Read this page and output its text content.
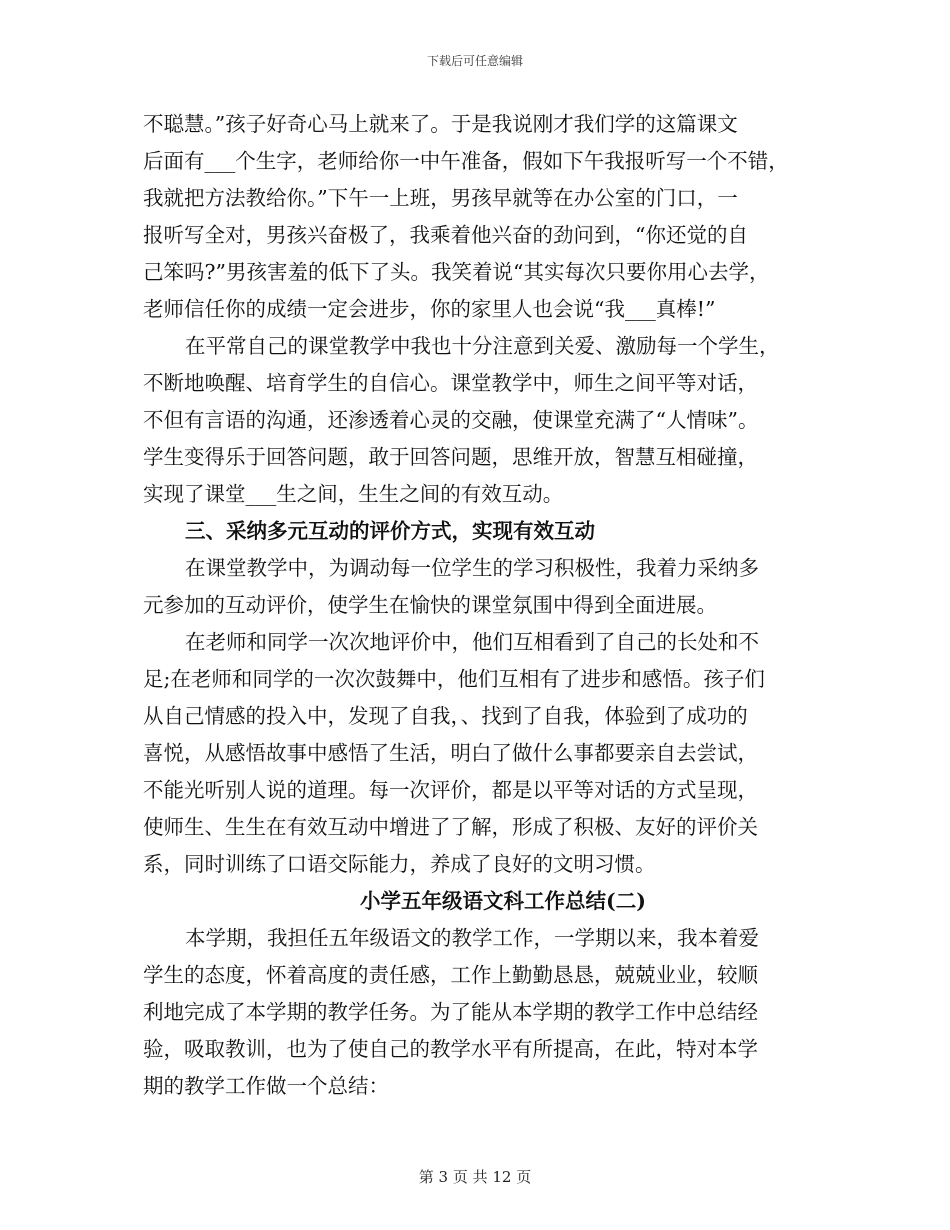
下载后可任意编辑
不聪慧。”孩子好奇心马上就来了。于是我说刚才我们学的这篇课文
后面有___个生字，老师给你一中午准备，假如下午我报听写一个不错，
我就把方法教给你。”下午一上班，男孩早就等在办公室的门口，一
报听写全对，男孩兴奋极了，我乘着他兴奋的劲问到，“你还觉的自
己笨吗?”男孩害羞的低下了头。我笑着说“其实每次只要你用心去学，
老师信任你的成绩一定会进步，你的家里人也会说“我___真棒!”
在平常自己的课堂教学中我也十分注意到关爱、激励每一个学生，
不断地唤醒、培育学生的自信心。课堂教学中，师生之间平等对话，
不但有言语的沟通，还渗透着心灵的交融，使课堂充满了“人情味”。
学生变得乐于回答问题，敢于回答问题，思维开放，智慧互相碰撞，
实现了课堂___生之间，生生之间的有效互动。
三、采纳多元互动的评价方式，实现有效互动
在课堂教学中，为调动每一位学生的学习积极性，我着力采纳多
元参加的互动评价，使学生在愉快的课堂氛围中得到全面进展。
在老师和同学一次次地评价中，他们互相看到了自己的长处和不
足;在老师和同学的一次次鼓舞中，他们互相有了进步和感悟。孩子们
从自己情感的投入中，发现了自我，、找到了自我，体验到了成功的
喜悦，从感悟故事中感悟了生活，明白了做什么事都要亲自去尝试，
不能光听别人说的道理。每一次评价，都是以平等对话的方式呈现，
使师生、生生在有效互动中增进了了解，形成了积极、友好的评价关
系，同时训练了口语交际能力，养成了良好的文明习惯。
小学五年级语文科工作总结(二)
本学期，我担任五年级语文的教学工作，一学期以来，我本着爱
学生的态度，怀着高度的责任感，工作上勤勤恳恳，兢兢业业，较顺
利地完成了本学期的教学任务。为了能从本学期的教学工作中总结经
验，吸取教训，也为了使自己的教学水平有所提高，在此，特对本学
期的教学工作做一个总结：
第 3 页 共 12 页
